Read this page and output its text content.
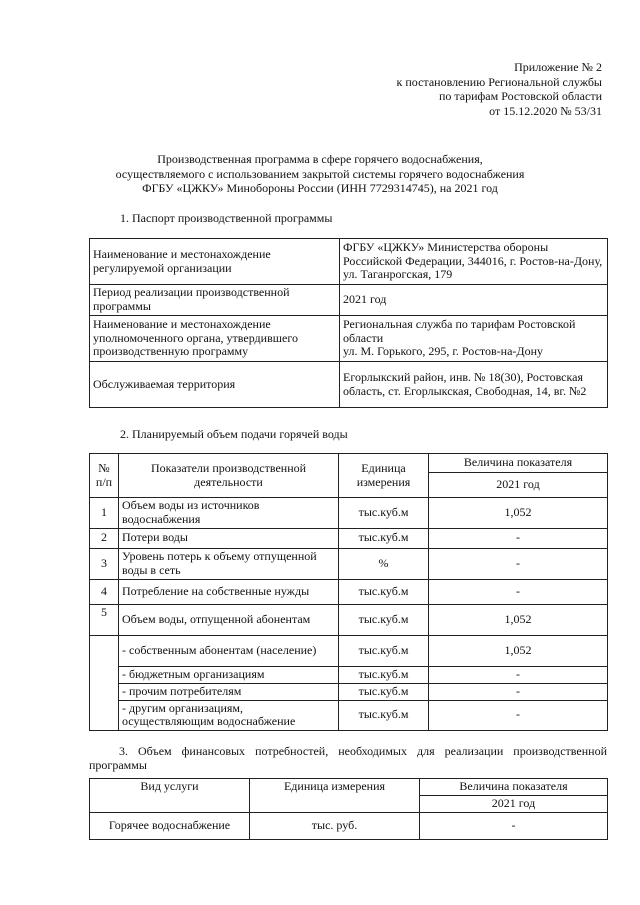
Приложение № 2
к постановлению Региональной службы
по тарифам Ростовской области
от 15.12.2020 № 53/31
Производственная программа в сфере горячего водоснабжения,
осуществляемого с использованием закрытой системы горячего водоснабжения
ФГБУ «ЦЖКУ» Минобороны России (ИНН 7729314745), на 2021 год
1. Паспорт производственной программы
Наименование и местонахождение регулируемой организации	ФГБУ «ЦЖКУ» Министерства обороны Российской Федерации, 344016, г. Ростов-на-Дону, ул. Таганрогская, 179
Период реализации производственной программы	2021 год
Наименование и местонахождение уполномоченного органа, утвердившего производственную программу	Региональная служба по тарифам Ростовской области
ул. М. Горького, 295, г. Ростов-на-Дону

Обслуживаемая территория	Егорлыкский район, инв. № 18(30), Ростовская область, ст. Егорлыкская, Свободная, 14, вг. №2
2. Планируемый объем подачи горячей воды
№ п/п	Показатели производственной деятельности	Единица измерения	Величина показателя
			2021 год
1	Объем воды из источников водоснабжения	тыс.куб.м	1,052
2	Потери воды	тыс.куб.м	-
3	Уровень потерь к объему отпущенной воды в сеть	%	-
4	Потребление на собственные нужды	тыс.куб.м	-
5	Объем воды, отпущенной абонентам	тыс.куб.м	1,052
	- собственным абонентам (население)	тыс.куб.м	1,052
	- бюджетным организациям	тыс.куб.м	-
	- прочим потребителям	тыс.куб.м	-
	- другим организациям, осуществляющим водоснабжение	тыс.куб.м	-
3. Объем финансовых потребностей, необходимых для реализации производственной программы
Вид услуги	Единица измерения	Величина показателя
		2021 год
Горячее водоснабжение	тыс. руб.	-
